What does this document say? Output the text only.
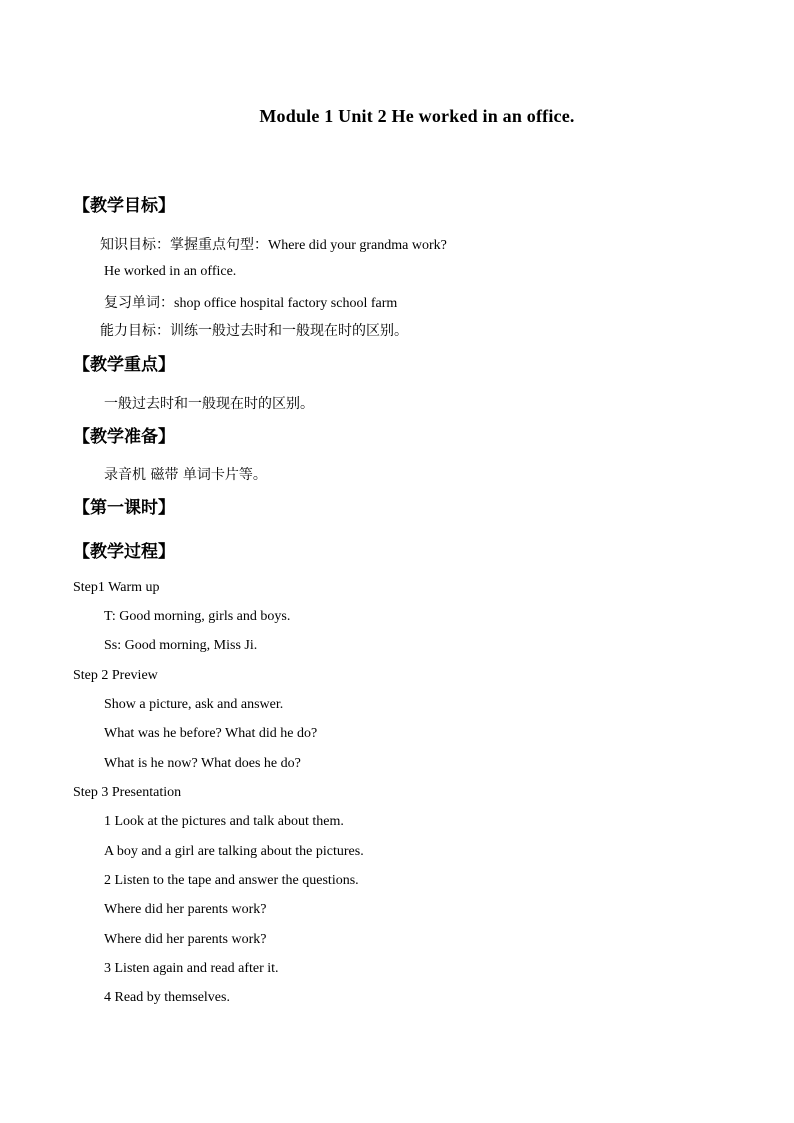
Module 1 Unit 2 He worked in an office.
【教学目标】
知识目标：掌握重点句型：Where did your grandma work?
He worked in an office.
复习单词：shop office hospital factory school farm
能力目标：训练一般过去时和一般现在时的区别。
【教学重点】
一般过去时和一般现在时的区别。
【教学准备】
录音机 磁带 单词卡片等。
【第一课时】
【教学过程】
Step1 Warm up
T: Good morning, girls and boys.
Ss: Good morning, Miss Ji.
Step 2 Preview
Show a picture, ask and answer.
What was he before? What did he do?
What is he now? What does he do?
Step 3 Presentation
1 Look at the pictures and talk about them.
A boy and a girl are talking about the pictures.
2 Listen to the tape and answer the questions.
Where did her parents work?
Where did her parents work?
3 Listen again and read after it.
4 Read by themselves.
